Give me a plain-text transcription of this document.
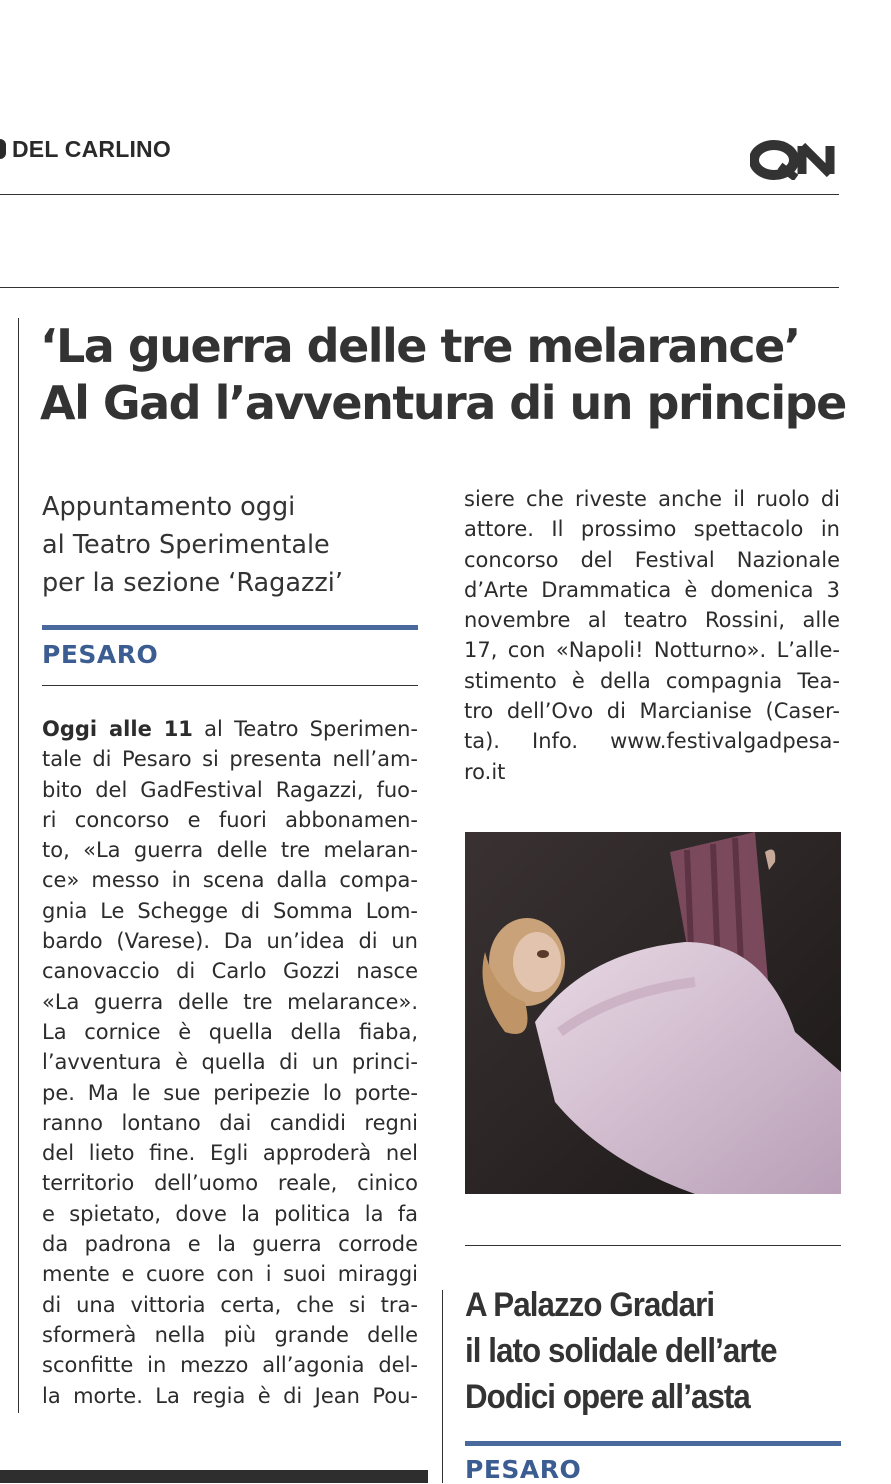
DEL CARLINO
‘La guerra delle tre melarance’
Al Gad l’avventura di un principe
Appuntamento oggi
al Teatro Sperimentale
per la sezione ‘Ragazzi’
PESARO
Oggi alle 11 al Teatro Sperimen-
tale di Pesaro si presenta nell’am-
bito del GadFestival Ragazzi, fuo-
ri concorso e fuori abbonamen-
to, «La guerra delle tre melaran-
ce» messo in scena dalla compa-
gnia Le Schegge di Somma Lom-
bardo (Varese). Da un’idea di un
canovaccio di Carlo Gozzi nasce
«La guerra delle tre melarance».
La cornice è quella della fiaba,
l’avventura è quella di un princi-
pe. Ma le sue peripezie lo porte-
ranno lontano dai candidi regni
del lieto fine. Egli approderà nel
territorio dell’uomo reale, cinico
e spietato, dove la politica la fa
da padrona e la guerra corrode
mente e cuore con i suoi miraggi
di una vittoria certa, che si tra-
sformerà nella più grande delle
sconfitte in mezzo all’agonia del-
la morte. La regia è di Jean Pou-
siere che riveste anche il ruolo di
attore. Il prossimo spettacolo in
concorso del Festival Nazionale
d’Arte Drammatica è domenica 3
novembre al teatro Rossini, alle
17, con «Napoli! Notturno». L’alle-
stimento è della compagnia Tea-
tro dell’Ovo di Marcianise (Caser-
ta). Info. www.festivalgadpesa-
ro.it
A Palazzo Gradari
il lato solidale dell’arte
Dodici opere all’asta
PESARO
